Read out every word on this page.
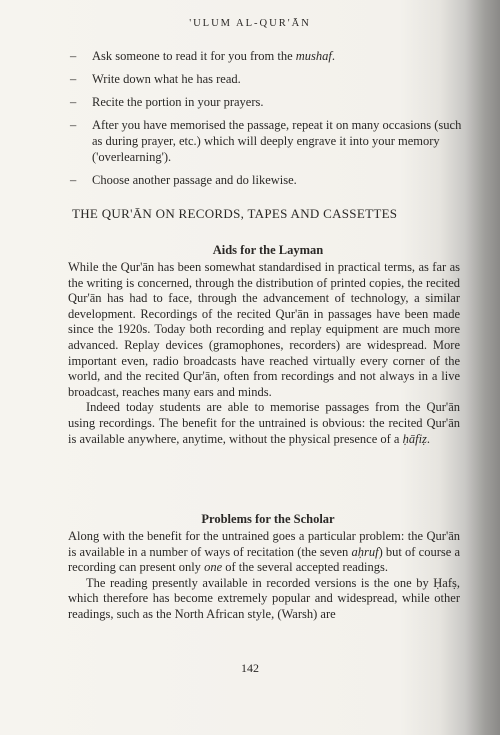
'ULUM AL-QUR'ĀN
–	Ask someone to read it for you from the mushaf.
–	Write down what he has read.
–	Recite the portion in your prayers.
–	After you have memorised the passage, repeat it on many occasions (such as during prayer, etc.) which will deeply engrave it into your memory ('overlearning').
–	Choose another passage and do likewise.
THE QUR'ĀN ON RECORDS, TAPES AND CASSETTES
Aids for the Layman

While the Qur'ān has been somewhat standardised in practical terms, as far as the writing is concerned, through the distribution of printed copies, the recited Qur'ān has had to face, through the advancement of technology, a similar development. Recordings of the recited Qur'ān in passages have been made since the 1920s. Today both recording and replay equipment are much more advanced. Replay devices (gramophones, recorders) are widespread. More important even, radio broadcasts have reached virtually every corner of the world, and the recited Qur'ān, often from recordings and not always in a live broadcast, reaches many ears and minds.

Indeed today students are able to memorise passages from the Qur'ān using recordings. The benefit for the untrained is obvious: the recited Qur'ān is available anywhere, anytime, without the physical presence of a ḥāfiẓ.

Problems for the Scholar

Along with the benefit for the untrained goes a particular problem: the Qur'ān is available in a number of ways of recitation (the seven aḥruf) but of course a recording can present only one of the several accepted readings.

The reading presently available in recorded versions is the one by Ḥafṣ, which therefore has become extremely popular and widespread, while other readings, such as the North African style, (Warsh) are

142
